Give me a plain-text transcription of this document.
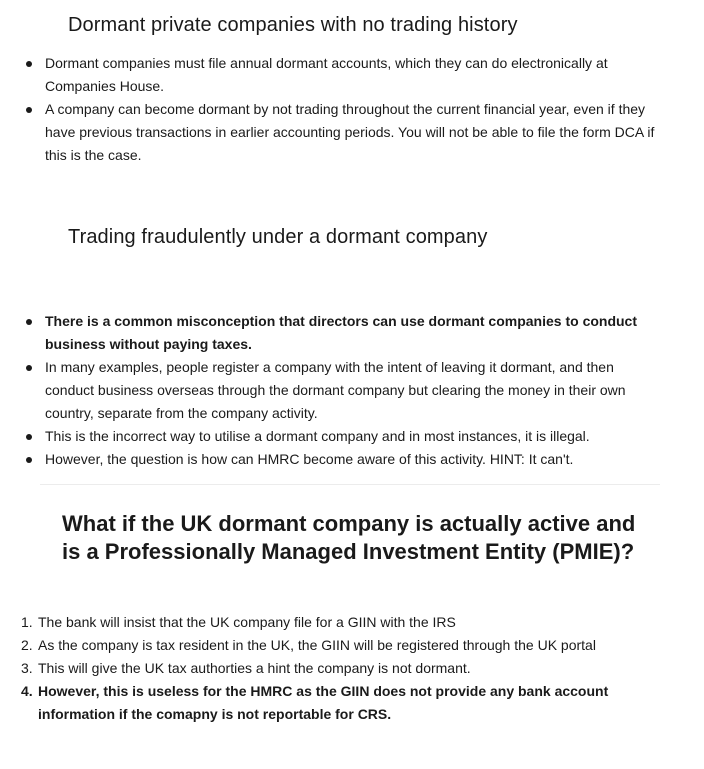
Dormant private companies with no trading history
Dormant companies must file annual dormant accounts, which they can do electronically at Companies House.
A company can become dormant by not trading throughout the current financial year, even if they have previous transactions in earlier accounting periods. You will not be able to file the form DCA if this is the case.
Trading fraudulently under a dormant company
There is a common misconception that directors can use dormant companies to conduct business without paying taxes.
In many examples, people register a company with the intent of leaving it dormant, and then conduct business overseas through the dormant company but clearing the money in their own country, separate from the company activity.
This is the incorrect way to utilise a dormant company and in most instances, it is illegal.
However, the question is how can HMRC become aware of this activity. HINT: It can't.
What if the UK dormant company is actually active and is a Professionally Managed Investment Entity (PMIE)?
1. The bank will insist that the UK company file for a GIIN with the IRS
2. As the company is tax resident in the UK, the GIIN will be registered through the UK portal
3. This will give the UK tax authorties a hint the company is not dormant.
4. However, this is useless for the HMRC as the GIIN does not provide any bank account information if the comapny is not reportable for CRS.
